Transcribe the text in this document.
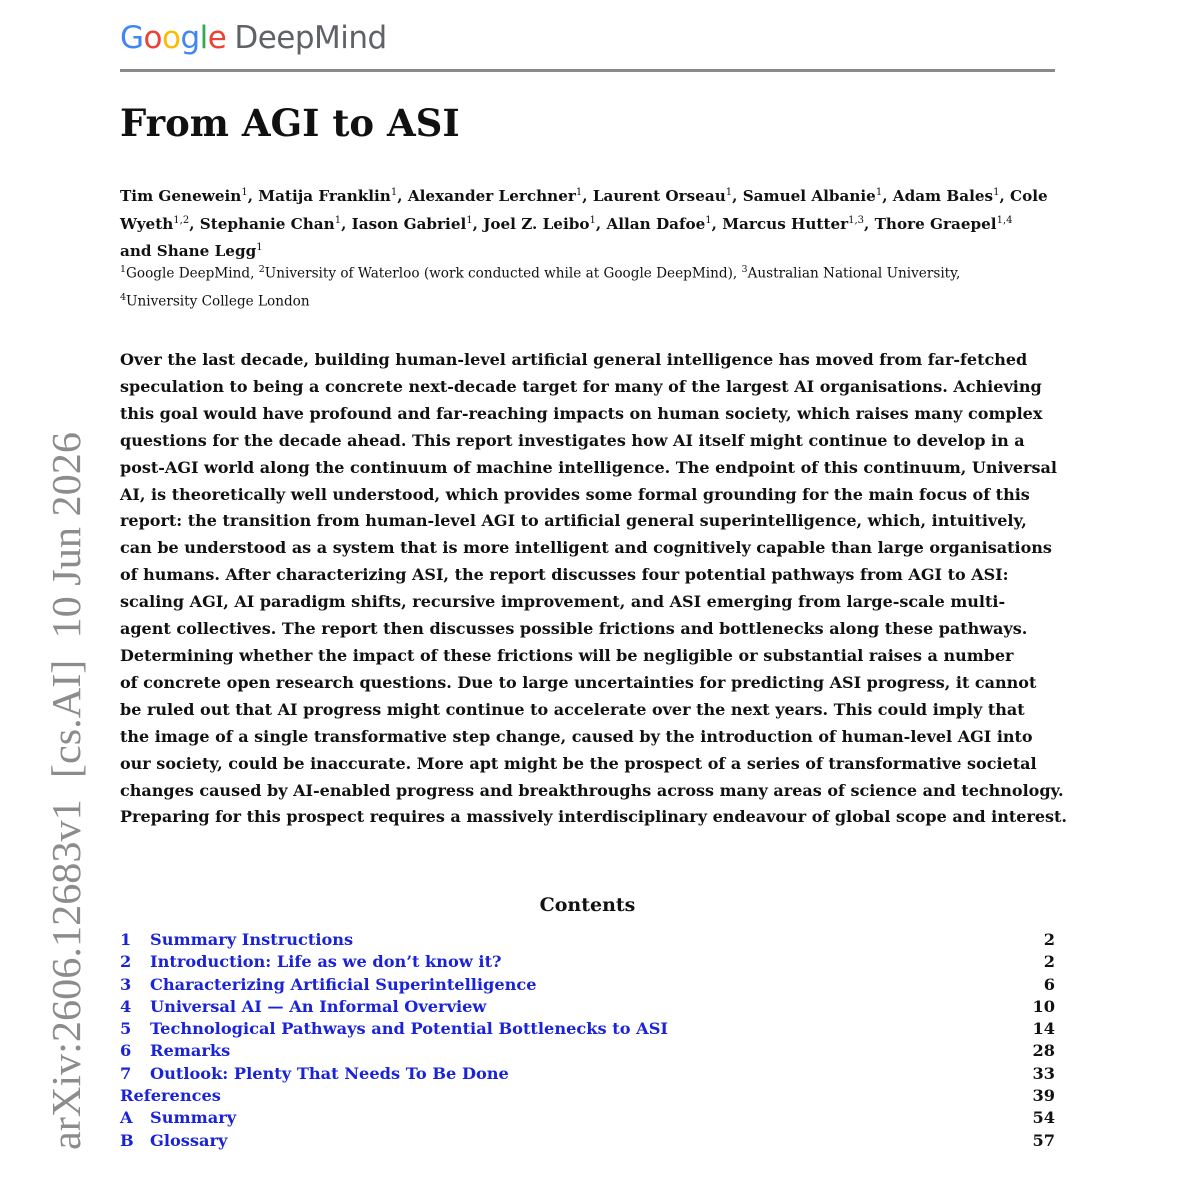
Google DeepMind
From AGI to ASI
Tim Genewein$^1$, Matija Franklin$^1$, Alexander Lerchner$^1$, Laurent Orseau$^1$, Samuel Albanie$^1$, Adam Bales$^1$, Cole
Wyeth$^{1,2}$, Stephanie Chan$^1$, Iason Gabriel$^1$, Joel Z. Leibo$^1$, Allan Dafoe$^1$, Marcus Hutter$^{1,3}$, Thore Graepel$^{1,4}$
and Shane Legg$^1$
$^1$Google DeepMind, $^2$University of Waterloo (work conducted while at Google DeepMind), $^3$Australian National University,
$^4$University College London
Over the last decade, building human-level artificial general intelligence has moved from far-fetched
speculation to being a concrete next-decade target for many of the largest AI organisations. Achieving
this goal would have profound and far-reaching impacts on human society, which raises many complex
questions for the decade ahead. This report investigates how AI itself might continue to develop in a
post-AGI world along the continuum of machine intelligence. The endpoint of this continuum, Universal
AI, is theoretically well understood, which provides some formal grounding for the main focus of this
report: the transition from human-level AGI to artificial general superintelligence, which, intuitively,
can be understood as a system that is more intelligent and cognitively capable than large organisations
of humans. After characterizing ASI, the report discusses four potential pathways from AGI to ASI:
scaling AGI, AI paradigm shifts, recursive improvement, and ASI emerging from large-scale multi-
agent collectives. The report then discusses possible frictions and bottlenecks along these pathways.
Determining whether the impact of these frictions will be negligible or substantial raises a number
of concrete open research questions. Due to large uncertainties for predicting ASI progress, it cannot
be ruled out that AI progress might continue to accelerate over the next years. This could imply that
the image of a single transformative step change, caused by the introduction of human-level AGI into
our society, could be inaccurate. More apt might be the prospect of a series of transformative societal
changes caused by AI-enabled progress and breakthroughs across many areas of science and technology.
Preparing for this prospect requires a massively interdisciplinary endeavour of global scope and interest.
Contents
1	Summary Instructions	2
2	Introduction: Life as we don’t know it?	2
3	Characterizing Artificial Superintelligence	6
4	Universal AI — An Informal Overview	10
5	Technological Pathways and Potential Bottlenecks to ASI	14
6	Remarks	28
7	Outlook: Plenty That Needs To Be Done	33
References	39
A	Summary	54
B	Glossary	57
arXiv:2606.12683v1  [cs.AI]  10 Jun 2026
